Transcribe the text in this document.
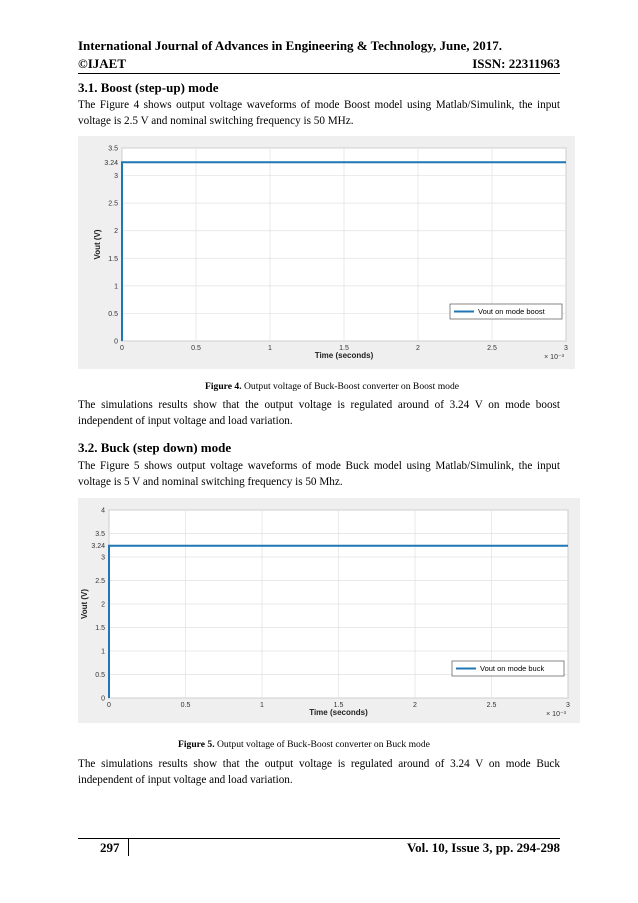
International Journal of Advances in Engineering & Technology, June, 2017.
©IJAET	ISSN: 22311963
3.1. Boost (step-up) mode
The Figure 4 shows output voltage waveforms of mode Boost model using Matlab/Simulink, the input voltage is 2.5 V and nominal switching frequency is 50 MHz.
0
0.5
1
1.5
2
2.5
3
3.24
3.5
0	0.5	1	1.5	2	2.5	3
× 10⁻³
Time (seconds)
Vout (V)
Vout on mode boost
Figure 4. Output voltage of Buck-Boost converter on Boost mode
The simulations results show that the output voltage is regulated around of 3.24 V on mode boost independent of input voltage and load variation.
3.2. Buck (step down) mode
The Figure 5 shows output voltage waveforms of mode Buck model using Matlab/Simulink, the input voltage is 5 V and nominal switching frequency is 50 Mhz.
0
0.5
1
1.5
2
2.5
3
3.24
3.5
4
0	0.5	1	1.5	2	2.5	3
× 10⁻³
Time (seconds)
Vout (V)
Vout on mode buck
Figure 5. Output voltage of Buck-Boost converter on Buck mode
The simulations results show that the output voltage is regulated around of 3.24 V on mode Buck independent of input voltage and load variation.
297	Vol. 10, Issue 3, pp. 294-298
